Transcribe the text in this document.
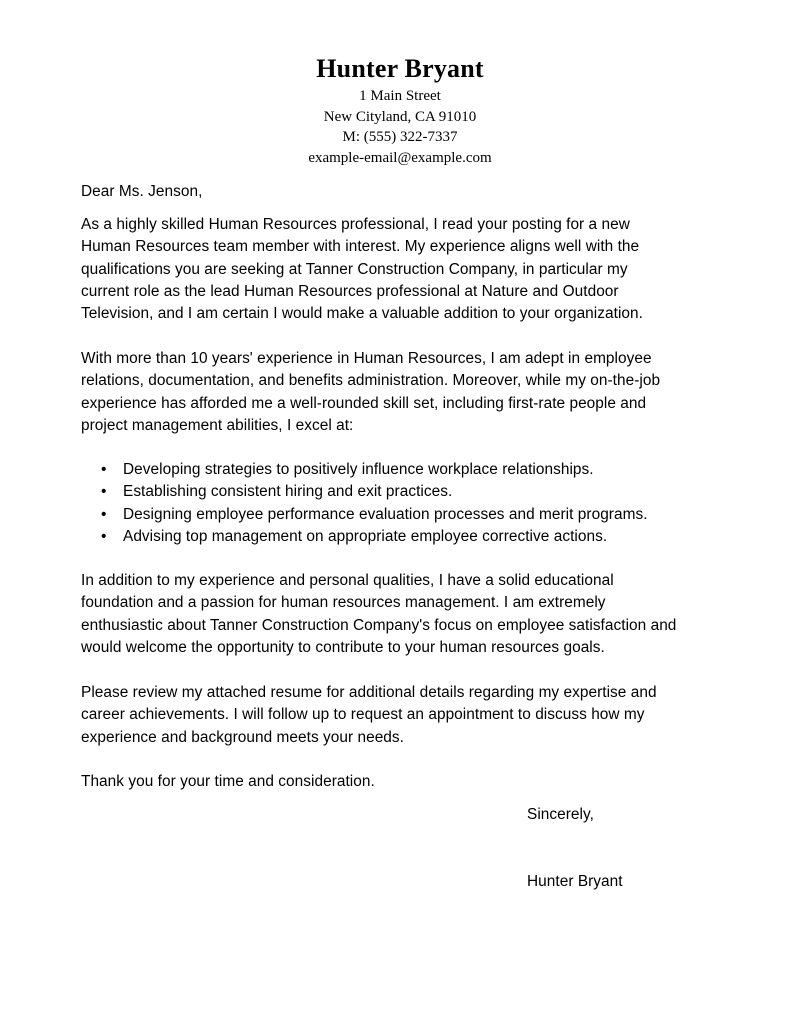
Hunter Bryant
1 Main Street
New Cityland, CA 91010
M: (555) 322-7337
example-email@example.com
Dear Ms. Jenson,
As a highly skilled Human Resources professional, I read your posting for a new
Human Resources team member with interest. My experience aligns well with the
qualifications you are seeking at Tanner Construction Company, in particular my
current role as the lead Human Resources professional at Nature and Outdoor
Television, and I am certain I would make a valuable addition to your organization.
With more than 10 years' experience in Human Resources, I am adept in employee
relations, documentation, and benefits administration. Moreover, while my on-the-job
experience has afforded me a well-rounded skill set, including first-rate people and
project management abilities, I excel at:
• Developing strategies to positively influence workplace relationships.
• Establishing consistent hiring and exit practices.
• Designing employee performance evaluation processes and merit programs.
• Advising top management on appropriate employee corrective actions.
In addition to my experience and personal qualities, I have a solid educational
foundation and a passion for human resources management. I am extremely
enthusiastic about Tanner Construction Company's focus on employee satisfaction and
would welcome the opportunity to contribute to your human resources goals.
Please review my attached resume for additional details regarding my expertise and
career achievements. I will follow up to request an appointment to discuss how my
experience and background meets your needs.
Thank you for your time and consideration.
Sincerely,
Hunter Bryant
